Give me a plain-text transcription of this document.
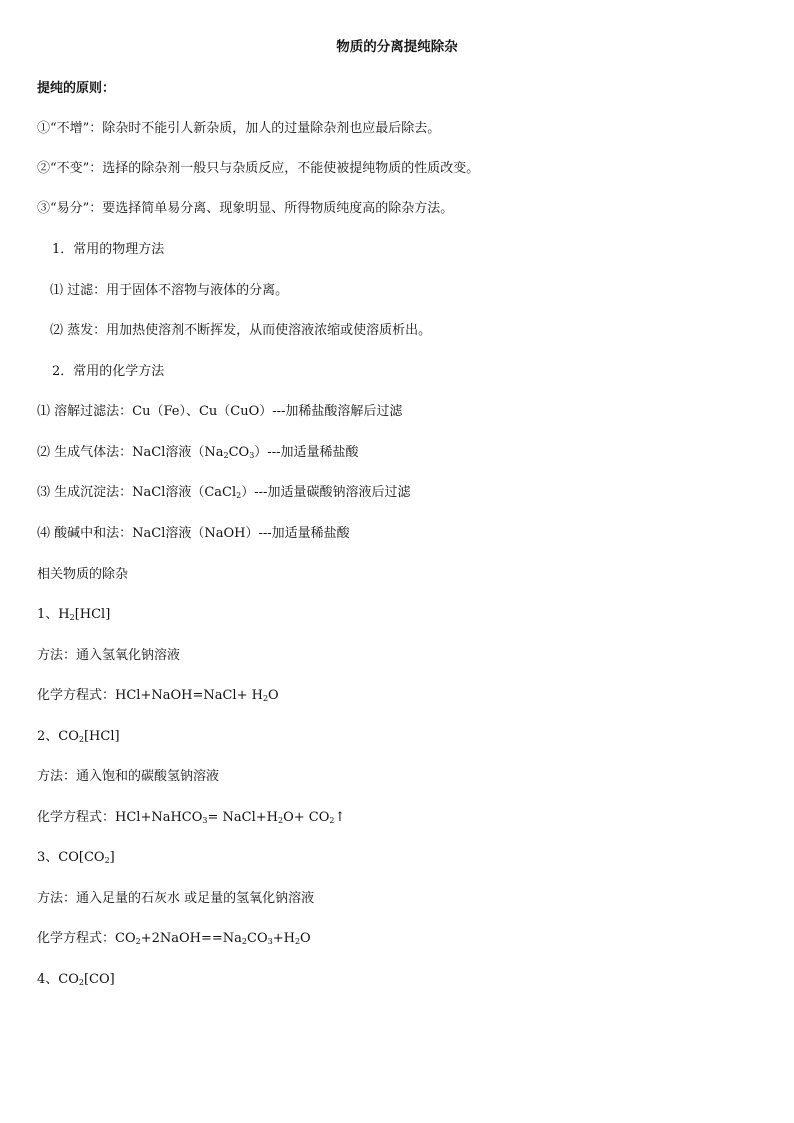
物质的分离提纯除杂
提纯的原则：
①“不增”：除杂时不能引人新杂质，加人的过量除杂剂也应最后除去。
②“不变”：选择的除杂剂一般只与杂质反应，不能使被提纯物质的性质改变。
③“易分”：要选择简单易分离、现象明显、所得物质纯度高的除杂方法。
1．常用的物理方法
⑴ 过滤：用于固体不溶物与液体的分离。
⑵ 蒸发：用加热使溶剂不断挥发，从而使溶液浓缩或使溶质析出。
2．常用的化学方法
⑴ 溶解过滤法：Cu（Fe）、Cu（CuO）---加稀盐酸溶解后过滤
⑵ 生成气体法：NaCl溶液$(Na_2CO_3)---$加适量稀盐酸
⑶ 生成沉淀法：NaCl溶液（CaCl$_2$）---加适量碳酸钠溶液后过滤
⑷ 酸碱中和法：NaCl溶液（NaOH）---加适量稀盐酸
相关物质的除杂
1、$H_2[HCl]$
方法：通入氢氧化钠溶液
化学方程式：HCl+NaOH=NaCl+ $H_2O$
2、$CO_2[HCl]$
方法：通入饱和的碳酸氢钠溶液
化学方程式：HCl+NaHCO$_3$= $NaCl+H_2O+$ $CO_2↑$
3、$CO[CO_2]$
方法：通入足量的石灰水 或足量的氢氧化钠溶液
化学方程式：$CO_2+2NaOH==Na_2CO_3+H_2O$
4、$CO_2[CO]$
